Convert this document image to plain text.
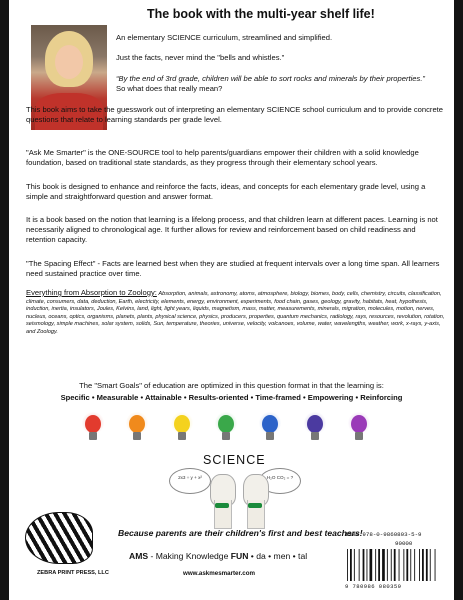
The book with the multi-year shelf life!
An elementary SCIENCE curriculum, streamlined and simplified.
Just the facts, never mind the "bells and whistles."
“By the end of 3rd grade, children will be able to sort rocks and minerals by their properties.”
So what does that really mean?
This book aims to take the guesswork out of interpreting an elementary SCIENCE school curriculum and to provide concrete questions that relate to learning standards per grade level.
"Ask Me Smarter" is the ONE-SOURCE tool to help parents/guardians empower their children with a solid knowledge foundation, based on traditional state standards, as they progress through their elementary school years.
This book is designed to enhance and reinforce the facts, ideas, and concepts for each elementary grade level, using a simple and straightforward question and answer format.
It is a book based on the notion that learning is a lifelong process, and that children learn at different paces. Learning is not necessarily aligned to chronological age. It further allows for review and reinforcement based on child readiness and retention capacity.
"The Spacing Effect" - Facts are learned best when they are studied at frequent intervals over a long time span. All learners need sustained practice over time.
Everything from Absorption to Zoology: Absorption, animals, astronomy, atoms, atmosphere, biology, biomes, body, cells, chemistry, circuits, classification, climate, consumers, data, deduction, Earth, electricity, elements, energy, environment, experiments, food chain, gases, geology, gravity, habitats, heat, hypothesis, induction, inertia, insulators, Joules, Kelvins, land, light, light years, liquids, magnetism, mass, matter, measurements, minerals, migration, molecules, motion, nerves, nucleus, oceans, optics, organisms, planets, plants, physical science, physics, producers, properties, quantum mechanics, radiology, rays, resources, revolution, rotation, seismology, simple machines, solar system, solids, Sun, temperature, theories, universe, velocity, volcanoes, volume, water, wavelengths, weather, work, x-rays, y-axis, and Zoology.
The "Smart Goals" of education are optimized in this question format in that the learning is:
Specific • Measurable • Attainable • Results-oriented • Time-framed • Empowering • Reinforcing
SCIENCE
2x3 ÷ y + x²	H₂O CO₂ = ?
ZEBRA PRINT PRESS, LLC
Because parents are their children's first and best teachers!
AMS - Making Knowledge FUN • da • men • tal
www.askmesmarter.com
ISBN 978-0-9860803-5-9
90000
9 780986 080359
